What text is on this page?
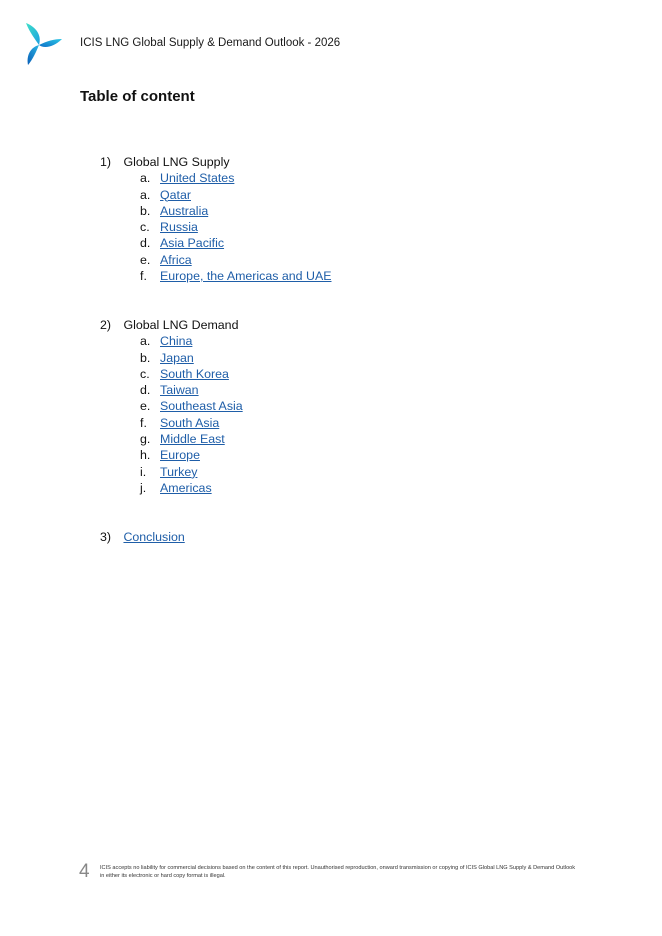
ICIS LNG Global Supply & Demand Outlook - 2026
Table of content
1) Global LNG Supply
a. United States
a. Qatar
b. Australia
c. Russia
d. Asia Pacific
e. Africa
f. Europe, the Americas and UAE
2) Global LNG Demand
a. China
b. Japan
c. South Korea
d. Taiwan
e. Southeast Asia
f. South Asia
g. Middle East
h. Europe
i. Turkey
j. Americas
3) Conclusion
4 ICIS accepts no liability for commercial decisions based on the content of this report. Unauthorised reproduction, onward transmission or copying of ICIS Global LNG Supply & Demand Outlook in either its electronic or hard copy format is illegal.
